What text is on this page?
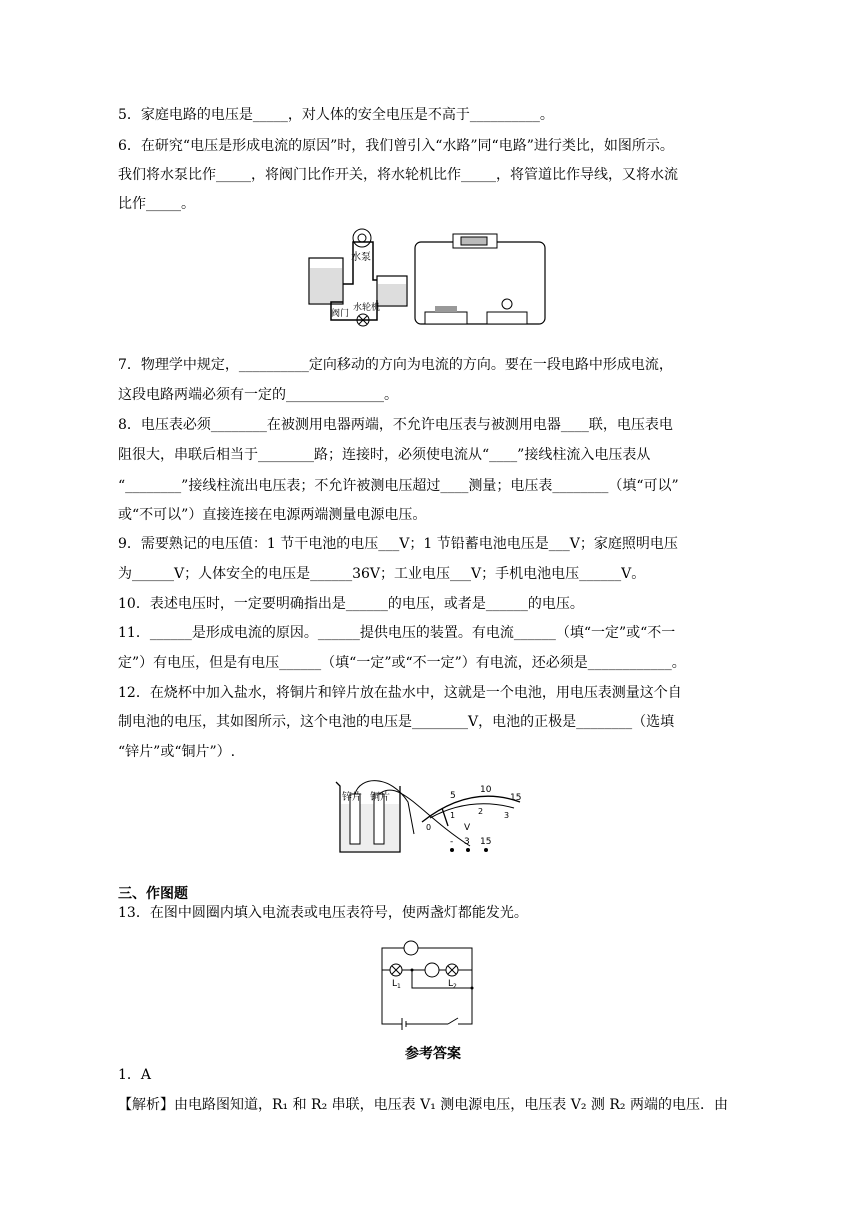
5．家庭电路的电压是_____，对人体的安全电压是不高于__________。
6．在研究“电压是形成电流的原因”时，我们曾引入“水路”同“电路”进行类比，如图所示。
我们将水泵比作_____，将阀门比作开关，将水轮机比作_____，将管道比作导线，又将水流
比作_____。
水泵
阀门
水轮机
7．物理学中规定，__________定向移动的方向为电流的方向。要在一段电路中形成电流，
这段电路两端必须有一定的______________。
8．电压表必须________在被测用电器两端，不允许电压表与被测用电器____联，电压表电
阻很大，串联后相当于________路；连接时，必须使电流从“____”接线柱流入电压表从
“________”接线柱流出电压表；不允许被测电压超过____测量；电压表________（填“可以”
或“不可以”）直接连接在电源两端测量电源电压。
9．需要熟记的电压值：1 节干电池的电压___V；1 节铅蓄电池电压是___V；家庭照明电压
为______V；人体安全的电压是______36V；工业电压___V；手机电池电压______V。
10．表述电压时，一定要明确指出是______的电压，或者是______的电压。
11．______是形成电流的原因。______提供电压的装置。有电流______（填“一定”或“不一
定”）有电压，但是有电压______（填“一定”或“不一定”）有电流，还必须是____________。
12．在烧杯中加入盐水，将铜片和锌片放在盐水中，这就是一个电池，用电压表测量这个自
制电池的电压，其如图所示，这个电池的电压是________V，电池的正极是________（选填
“锌片”或“铜片”）.
锌片 铜片	5
10
15
0
1	2	3
V
- 3 15
三、作图题
13．在图中圆圈内填入电流表或电压表符号，使两盏灯都能发光。
$L_1$	$L_2$
参考答案
1．A
【解析】由电路图知道，R₁ 和 R₂ 串联，电压表 V₁ 测电源电压，电压表 V₂ 测 R₂ 两端的电压．由
